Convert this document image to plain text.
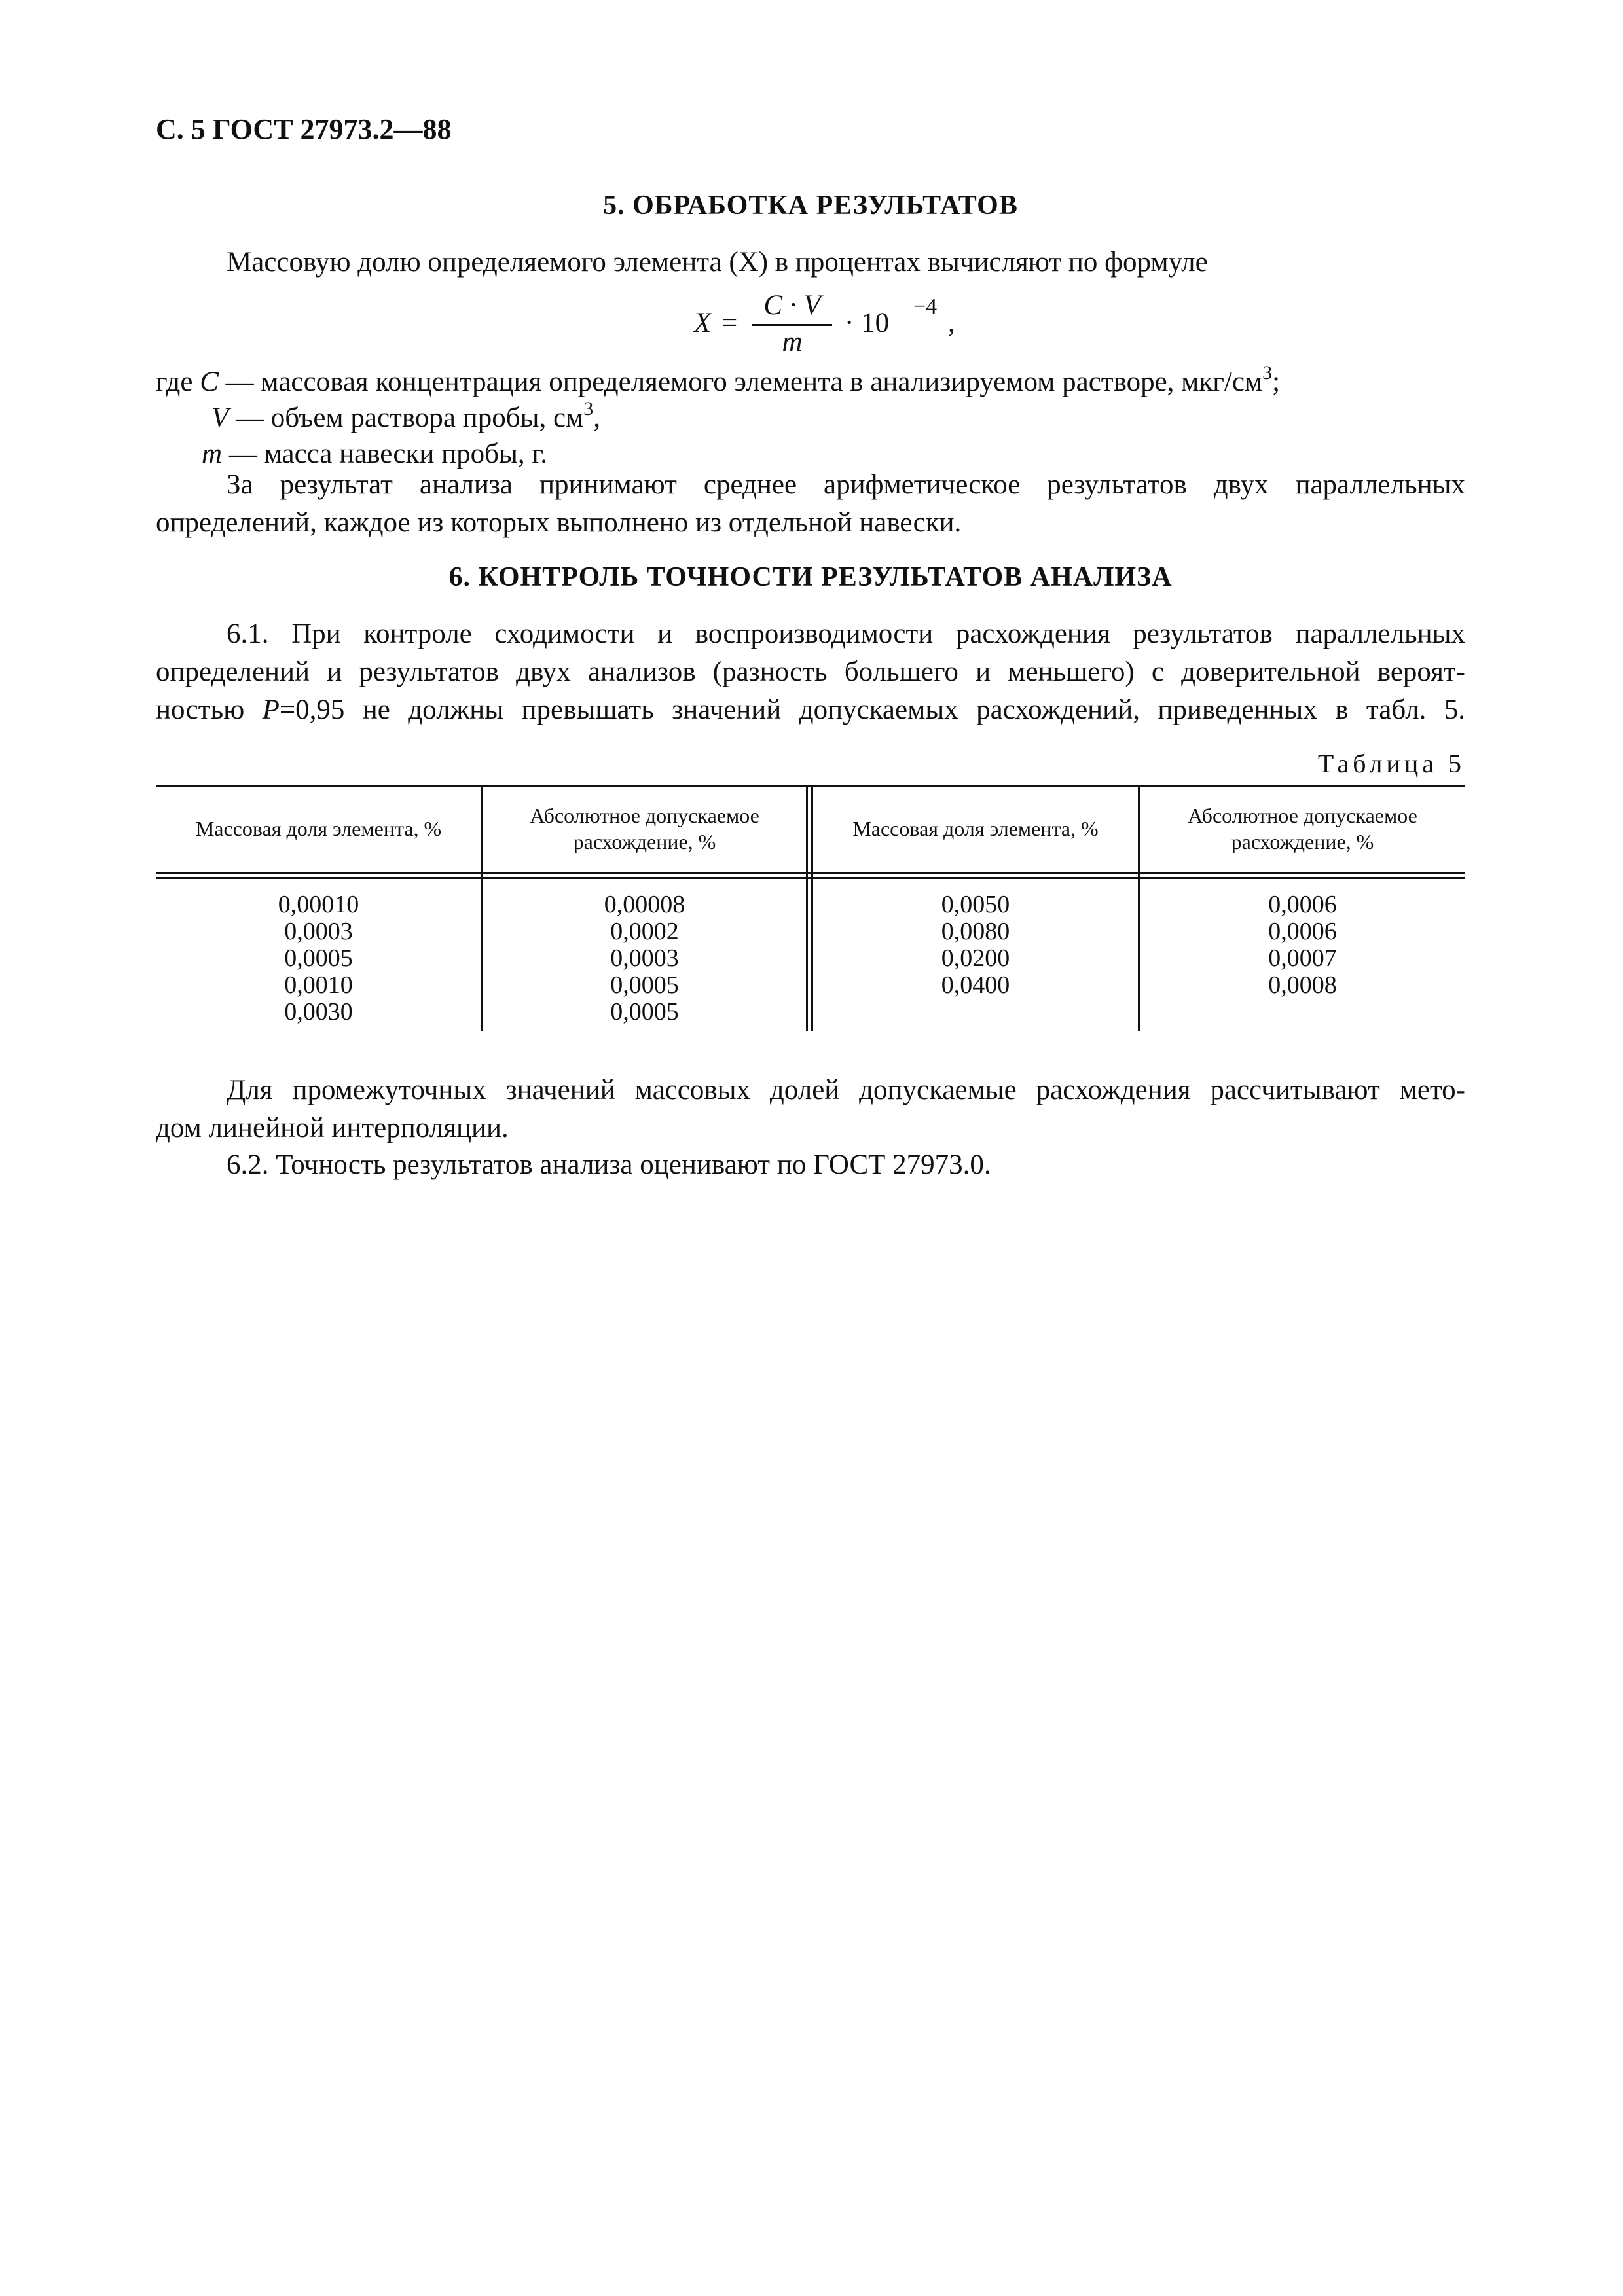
С. 5 ГОСТ 27973.2—88
5. ОБРАБОТКА РЕЗУЛЬТАТОВ
Массовую долю определяемого элемента (X) в процентах вычисляют по формуле
X =
C · V
m
· 10
−4
,
где C — массовая концентрация определяемого элемента в анализируемом растворе, мкг/$см^3$;
V — объем раствора пробы, $см^3$,
m — масса навески пробы, г.
За результат анализа принимают среднее арифметическое результатов двух параллельных определений, каждое из которых выполнено из отдельной навески.
6. КОНТРОЛЬ ТОЧНОСТИ РЕЗУЛЬТАТОВ АНАЛИЗА
6.1. При контроле сходимости и воспроизводимости расхождения результатов параллельных
определений и результатов двух анализов (разность большего и меньшего) с доверительной вероят-
ностью P=0,95 не должны превышать значений допускаемых расхождений, приведенных в табл. 5.
Таблица 5
Массовая доля элемента, %
Абсолютное допускаемое расхождение, %
Массовая доля элемента, %
Абсолютное допускаемое расхождение, %
0,00010
0,0003
0,0005
0,0010
0,0030
0,00008
0,0002
0,0003
0,0005
0,0005
0,0050
0,0080
0,0200
0,0400
0,0006
0,0006
0,0007
0,0008
Для промежуточных значений массовых долей допускаемые расхождения рассчитывают мето-
дом линейной интерполяции.
6.2. Точность результатов анализа оценивают по ГОСТ 27973.0.
